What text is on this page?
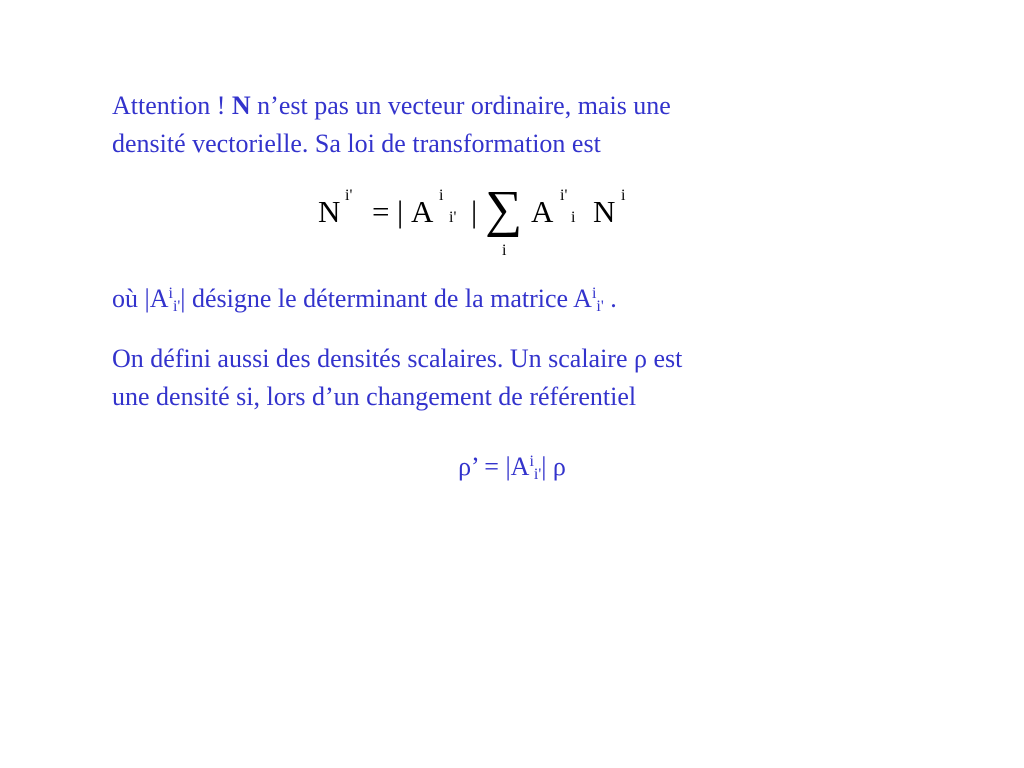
Attention ! N n’est pas un vecteur ordinaire, mais une
densité vectorielle. Sa loi de transformation est
N i' = | A i
i' | ∑
i
A i'
i N i
où $|A^i_{i'}|$ désigne le déterminant de la matrice $A^i_{i'}$ .
On défini aussi des densités scalaires. Un scalaire ρ est
une densité si, lors d’un changement de référentiel
ρ’ = $|A^i_{i'}|$ ρ
